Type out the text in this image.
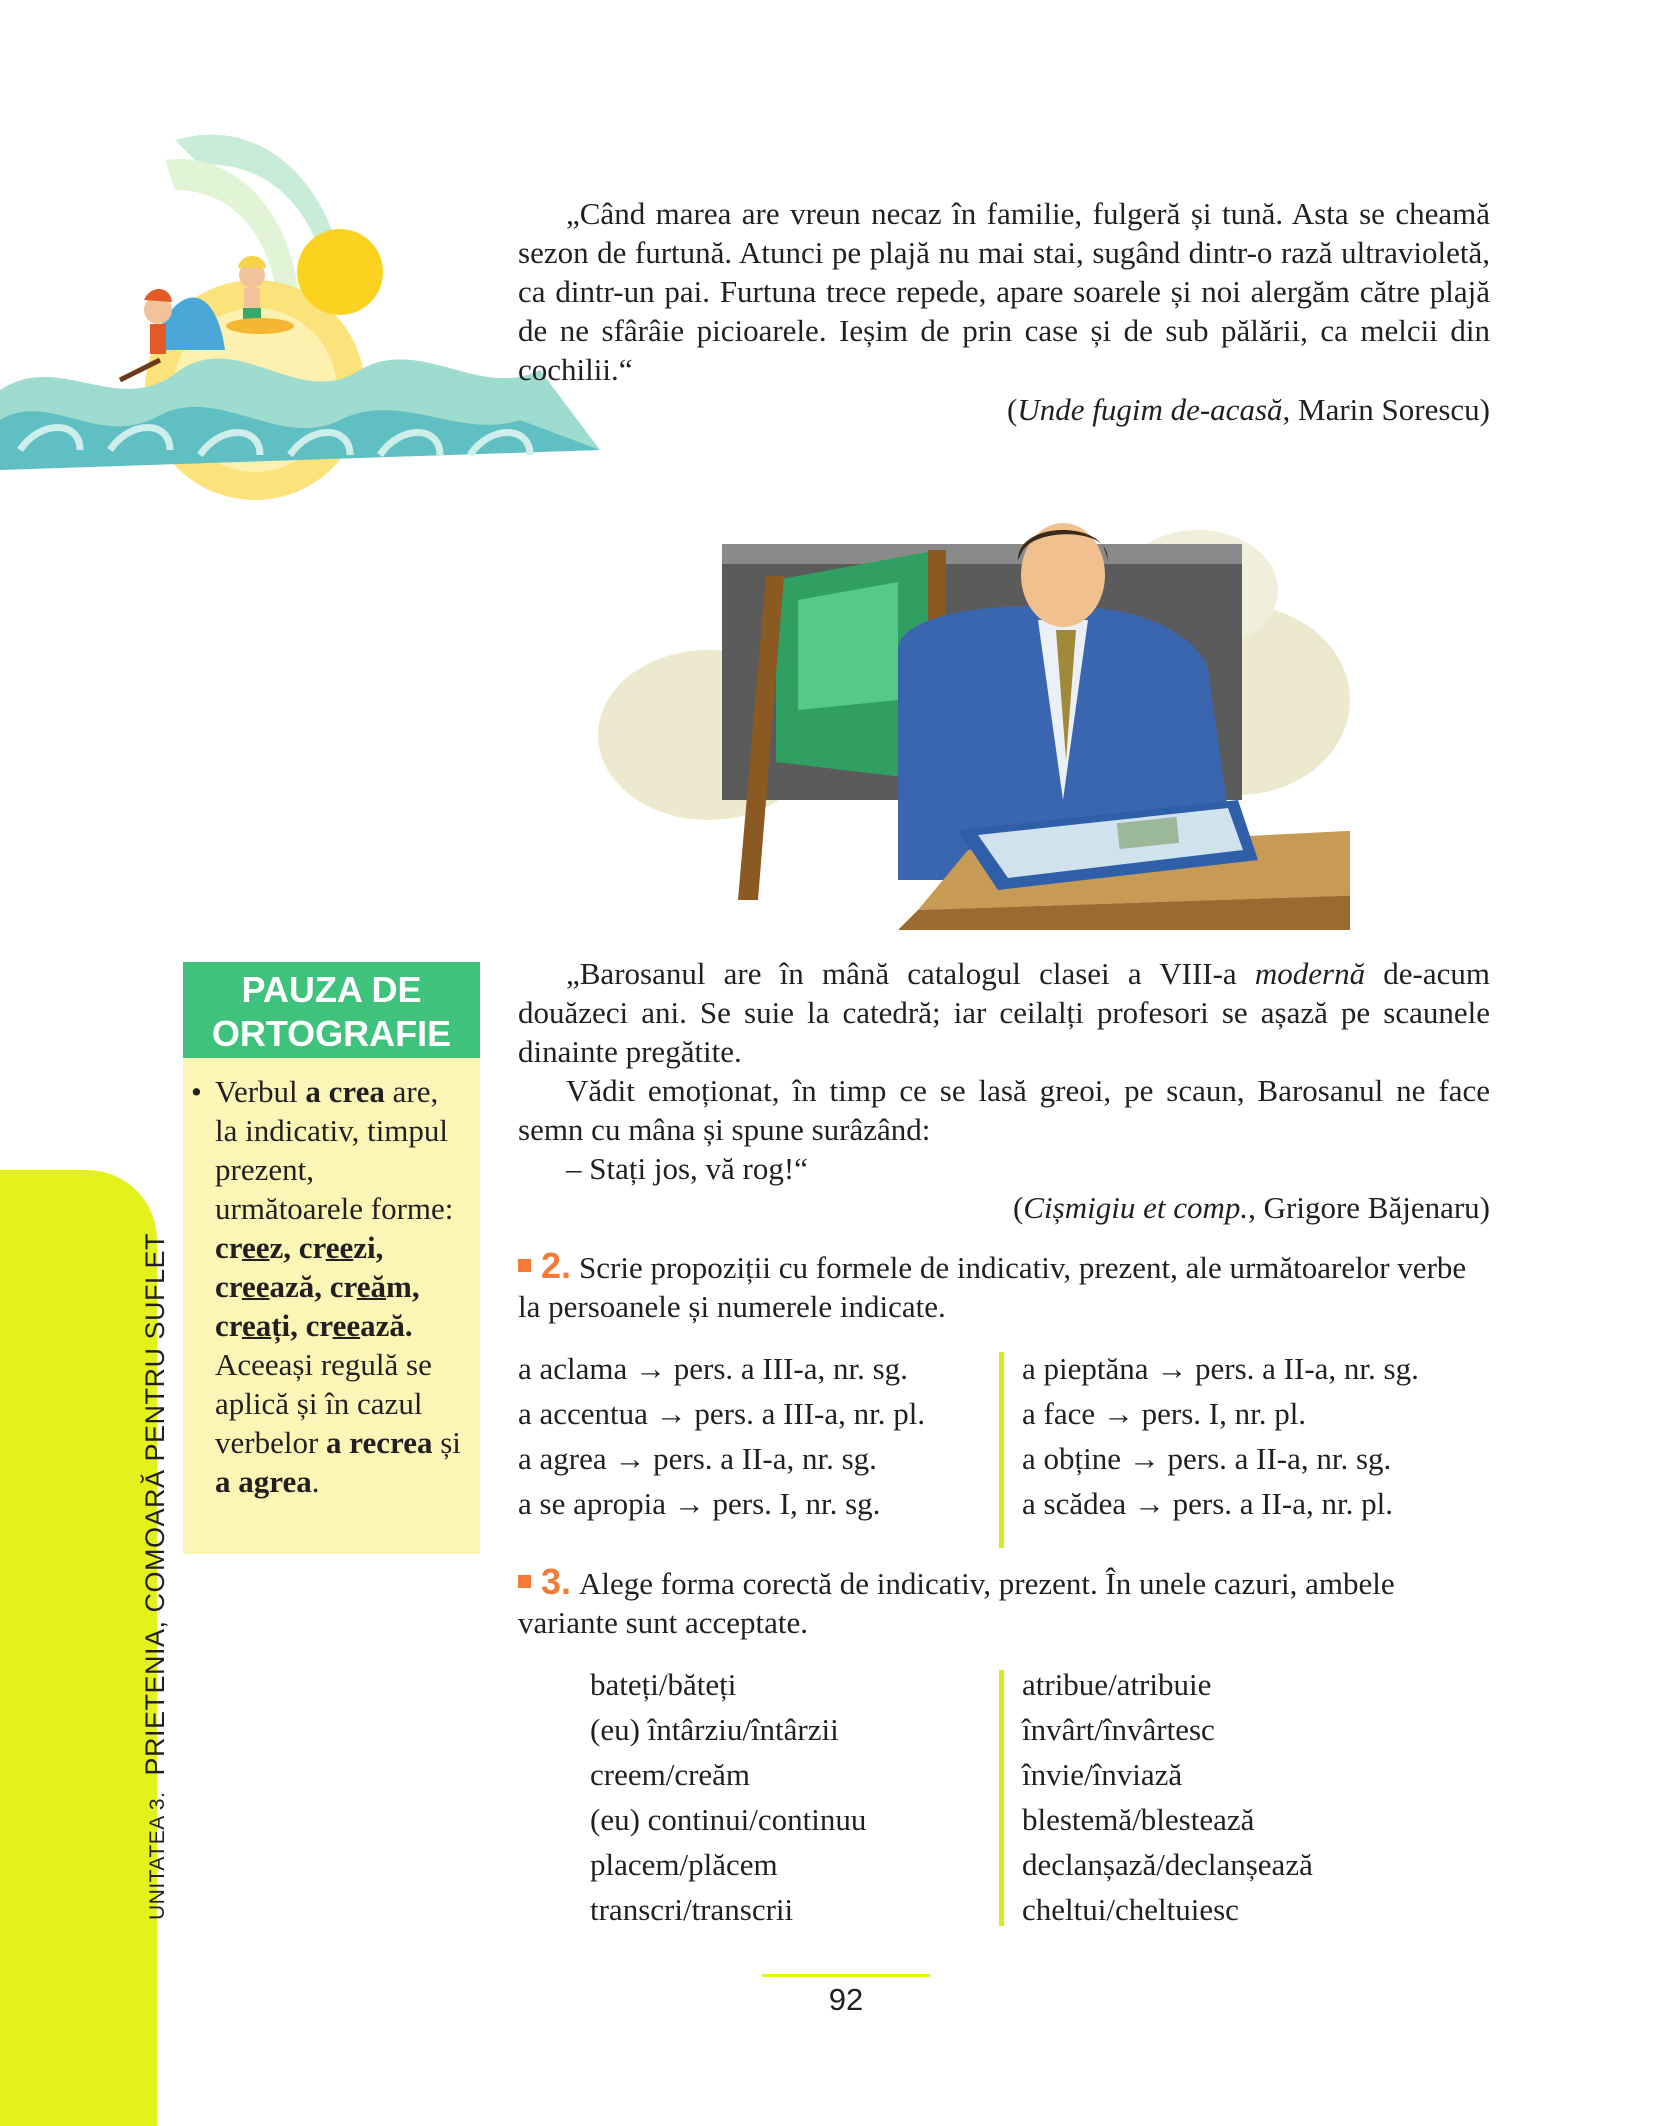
„Când marea are vreun necaz în familie, fulgeră și tună. Asta se cheamă sezon de furtună. Atunci pe plajă nu mai stai, sugând dintr-o rază ultravioletă, ca dintr-un pai. Furtuna trece repede, apare soarele și noi alergăm către plajă de ne sfârâie picioarele. Ieșim de prin case și de sub pălării, ca melcii din cochilii.“

(Unde fugim de-acasă, Marin Sorescu)
PAUZA DE
ORTOGRAFIE
• Verbul a crea are, la indicativ, timpul prezent, următoarele forme: creez, creezi, creează, creăm, creați, creează.
Aceeași regulă se aplică și în cazul verbelor a recrea și a agrea.

„Barosanul are în mână catalogul clasei a VIII-a modernă de-acum douăzeci ani. Se suie la catedră; iar ceilalți profesori se așază pe scaunele dinainte pregătite.

Vădit emoționat, în timp ce se lasă greoi, pe scaun, Barosanul ne face semn cu mâna și spune surâzând:

– Stați jos, vă rog!“

(Cișmigiu et comp., Grigore Băjenaru)
2. Scrie propoziții cu formele de indicativ, prezent, ale următoarelor verbe la persoanele și numerele indicate.
a aclama → pers. a III-a, nr. sg.
a accentua → pers. a III-a, nr. pl.
a agrea → pers. a II-a, nr. sg.
a se apropia → pers. I, nr. sg.
a pieptăna → pers. a II-a, nr. sg.
a face → pers. I, nr. pl.
a obține → pers. a II-a, nr. sg.
a scădea → pers. a II-a, nr. pl.
3. Alege forma corectă de indicativ, prezent. În unele cazuri, ambele variante sunt acceptate.
bateți/băteți
(eu) întârziu/întârzii
creem/creăm
(eu) continui/continuu
placem/plăcem
transcri/transcrii
atribue/atribuie
învârt/învârtesc
învie/înviază
blestemă/blestează
declanșază/declanșează
cheltui/cheltuiesc
UNITATEA 3.  PRIETENIA, COMOARĂ PENTRU SUFLET
92
